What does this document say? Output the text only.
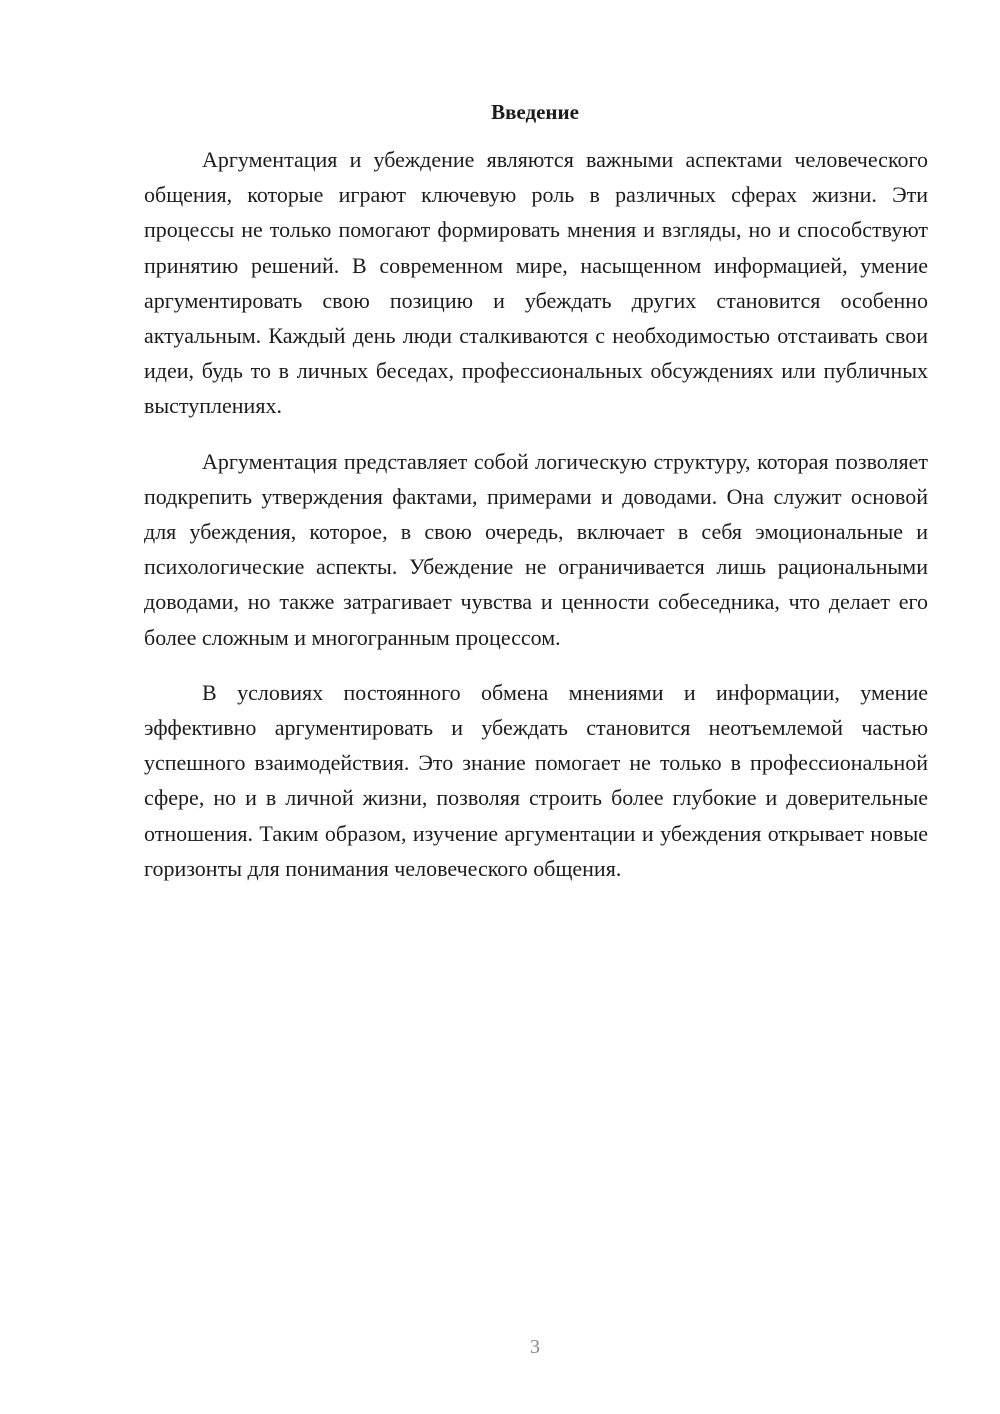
Введение

Аргументация и убеждение являются важными аспектами человеческого общения, которые играют ключевую роль в различных сферах жизни. Эти процессы не только помогают формировать мнения и взгляды, но и способствуют принятию решений. В современном мире, насыщенном информацией, умение аргументировать свою позицию и убеждать других становится особенно актуальным. Каждый день люди сталкиваются с необходимостью отстаивать свои идеи, будь то в личных беседах, профессиональных обсуждениях или публичных выступлениях.

Аргументация представляет собой логическую структуру, которая позволяет подкрепить утверждения фактами, примерами и доводами. Она служит основой для убеждения, которое, в свою очередь, включает в себя эмоциональные и психологические аспекты. Убеждение не ограничивается лишь рациональными доводами, но также затрагивает чувства и ценности собеседника, что делает его более сложным и многогранным процессом.

В условиях постоянного обмена мнениями и информации, умение эффективно аргументировать и убеждать становится неотъемлемой частью успешного взаимодействия. Это знание помогает не только в профессиональной сфере, но и в личной жизни, позволяя строить более глубокие и доверительные отношения. Таким образом, изучение аргументации и убеждения открывает новые горизонты для понимания человеческого общения.

3
